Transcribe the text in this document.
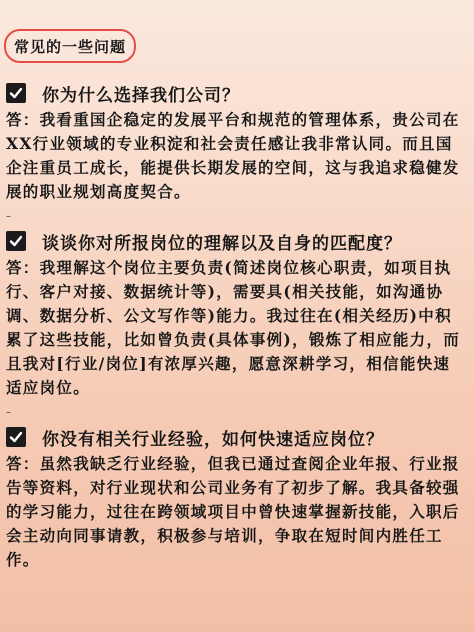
常见的一些问题
你为什么选择我们公司？
答：我看重国企稳定的发展平台和规范的管理体系，贵公司在XX行业领域的专业积淀和社会责任感让我非常认同。而且国企注重员工成长，能提供长期发展的空间，这与我追求稳健发展的职业规划高度契合。
–
谈谈你对所报岗位的理解以及自身的匹配度？
答：我理解这个岗位主要负责(简述岗位核心职责，如项目执行、客户对接、数据统计等)，需要具(相关技能，如沟通协调、数据分析、公文写作等)能力。我过往在(相关经历)中积累了这些技能，比如曾负责(具体事例)，锻炼了相应能力，而且我对[行业/岗位]有浓厚兴趣，愿意深耕学习，相信能快速适应岗位。
–
你没有相关行业经验，如何快速适应岗位？
答：虽然我缺乏行业经验，但我已通过查阅企业年报、行业报告等资料，对行业现状和公司业务有了初步了解。我具备较强的学习能力，过往在跨领域项目中曾快速掌握新技能，入职后会主动向同事请教，积极参与培训，争取在短时间内胜任工作。
